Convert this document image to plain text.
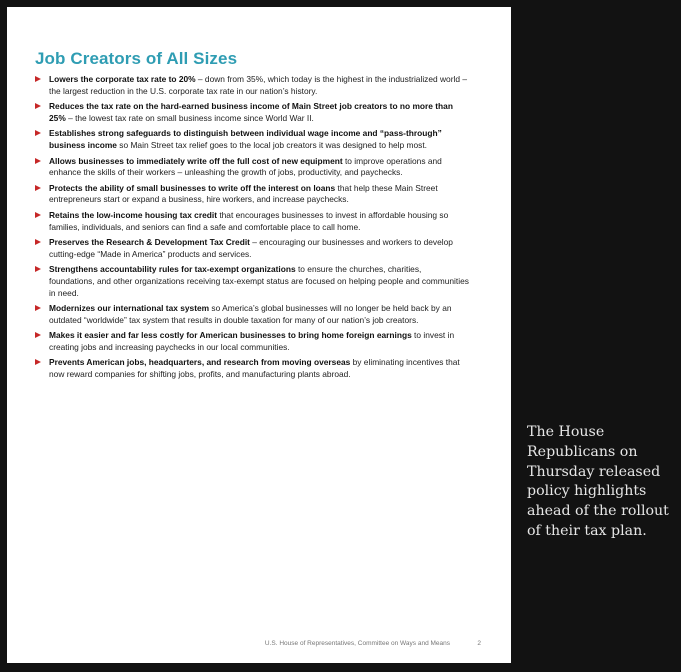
Job Creators of All Sizes
Lowers the corporate tax rate to 20% – down from 35%, which today is the highest in the industrialized world – the largest reduction in the U.S. corporate tax rate in our nation’s history.
Reduces the tax rate on the hard-earned business income of Main Street job creators to no more than 25% – the lowest tax rate on small business income since World War II.
Establishes strong safeguards to distinguish between individual wage income and “pass-through” business income so Main Street tax relief goes to the local job creators it was designed to help most.
Allows businesses to immediately write off the full cost of new equipment to improve operations and enhance the skills of their workers – unleashing the growth of jobs, productivity, and paychecks.
Protects the ability of small businesses to write off the interest on loans that help these Main Street entrepreneurs start or expand a business, hire workers, and increase paychecks.
Retains the low-income housing tax credit that encourages businesses to invest in affordable housing so families, individuals, and seniors can find a safe and comfortable place to call home.
Preserves the Research & Development Tax Credit – encouraging our businesses and workers to develop cutting-edge “Made in America” products and services.
Strengthens accountability rules for tax-exempt organizations to ensure the churches, charities, foundations, and other organizations receiving tax-exempt status are focused on helping people and communities in need.
Modernizes our international tax system so America’s global businesses will no longer be held back by an outdated “worldwide” tax system that results in double taxation for many of our nation’s job creators.
Makes it easier and far less costly for American businesses to bring home foreign earnings to invest in creating jobs and increasing paychecks in our local communities.
Prevents American jobs, headquarters, and research from moving overseas by eliminating incentives that now reward companies for shifting jobs, profits, and manufacturing plants abroad.
U.S. House of Representatives, Committee on Ways and Means	2

The House Republicans on Thursday released policy highlights ahead of the rollout of their tax plan.
